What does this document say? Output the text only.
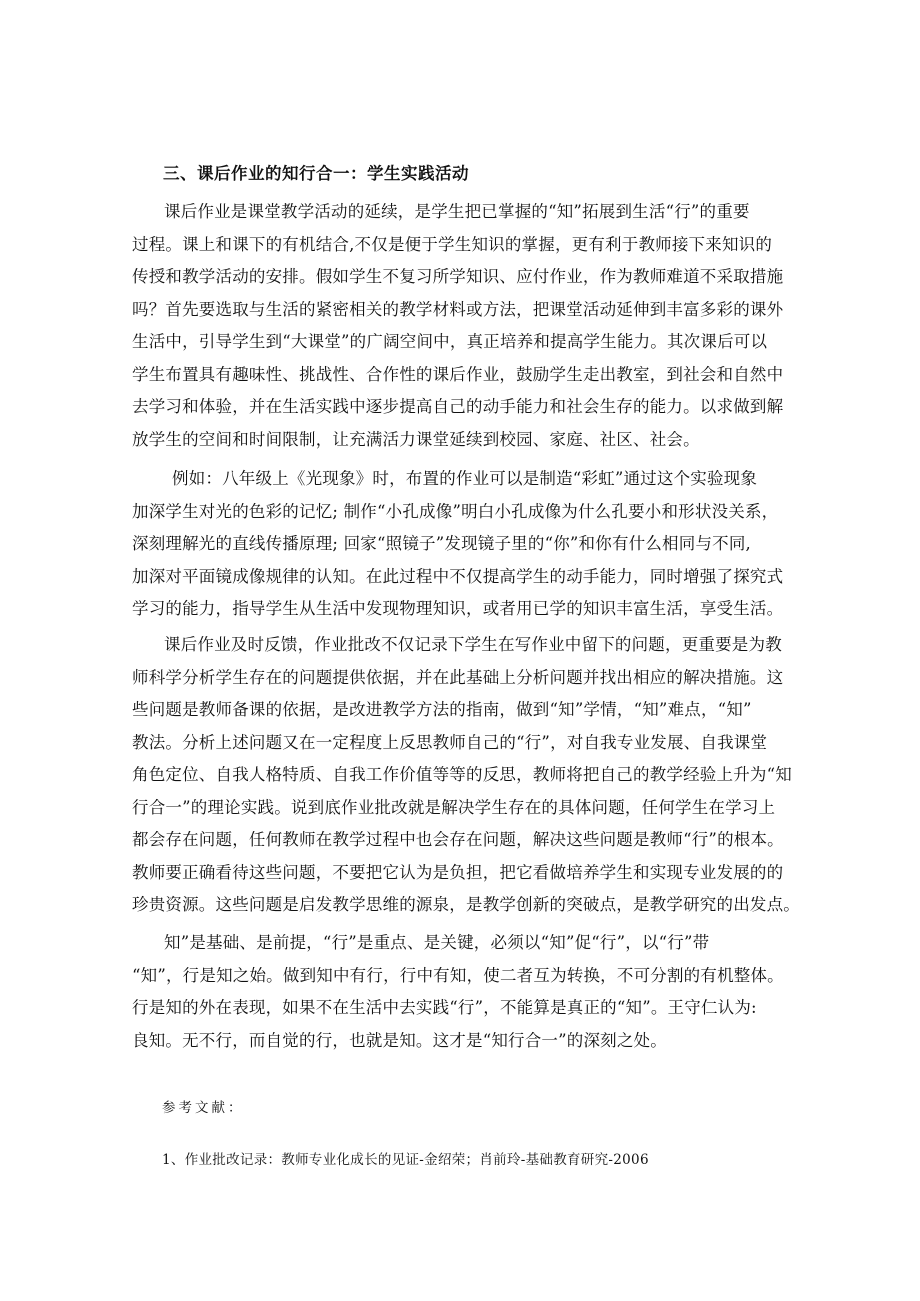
三、课后作业的知行合一：学生实践活动
课后作业是课堂教学活动的延续，是学生把已掌握的“知”拓展到生活“行”的重要
过程。课上和课下的有机结合,不仅是便于学生知识的掌握，更有利于教师接下来知识的
传授和教学活动的安排。假如学生不复习所学知识、应付作业，作为教师难道不采取措施
吗？首先要选取与生活的紧密相关的教学材料或方法，把课堂活动延伸到丰富多彩的课外
生活中，引导学生到“大课堂”的广阔空间中，真正培养和提高学生能力。其次课后可以
学生布置具有趣味性、挑战性、合作性的课后作业，鼓励学生走出教室，到社会和自然中
去学习和体验，并在生活实践中逐步提高自己的动手能力和社会生存的能力。以求做到解
放学生的空间和时间限制，让充满活力课堂延续到校园、家庭、社区、社会。
例如：八年级上《光现象》时，布置的作业可以是制造“彩虹”通过这个实验现象
加深学生对光的色彩的记忆; 制作“小孔成像”明白小孔成像为什么孔要小和形状没关系，
深刻理解光的直线传播原理; 回家“照镜子”发现镜子里的“你”和你有什么相同与不同,
加深对平面镜成像规律的认知。在此过程中不仅提高学生的动手能力，同时增强了探究式
学习的能力，指导学生从生活中发现物理知识，或者用已学的知识丰富生活，享受生活。
课后作业及时反馈，作业批改不仅记录下学生在写作业中留下的问题，更重要是为教
师科学分析学生存在的问题提供依据，并在此基础上分析问题并找出相应的解决措施。这
些问题是教师备课的依据，是改进教学方法的指南，做到“知”学情，“知”难点，“知”
教法。分析上述问题又在一定程度上反思教师自己的“行”，对自我专业发展、自我课堂
角色定位、自我人格特质、自我工作价值等等的反思，教师将把自己的教学经验上升为“知
行合一”的理论实践。说到底作业批改就是解决学生存在的具体问题，任何学生在学习上
都会存在问题，任何教师在教学过程中也会存在问题，解决这些问题是教师“行”的根本。
教师要正确看待这些问题，不要把它认为是负担，把它看做培养学生和实现专业发展的的
珍贵资源。这些问题是启发教学思维的源泉，是教学创新的突破点，是教学研究的出发点。
知”是基础、是前提，“行”是重点、是关键，必须以“知”促“行”，以“行”带
“知”，行是知之始。做到知中有行，行中有知，使二者互为转换，不可分割的有机整体。
行是知的外在表现，如果不在生活中去实践“行”，不能算是真正的“知”。王守仁认为:
良知。无不行，而自觉的行，也就是知。这才是“知行合一”的深刻之处。
参考文献：
1、作业批改记录：教师专业化成长的见证-金绍荣；肖前玲-基础教育研究-2006
